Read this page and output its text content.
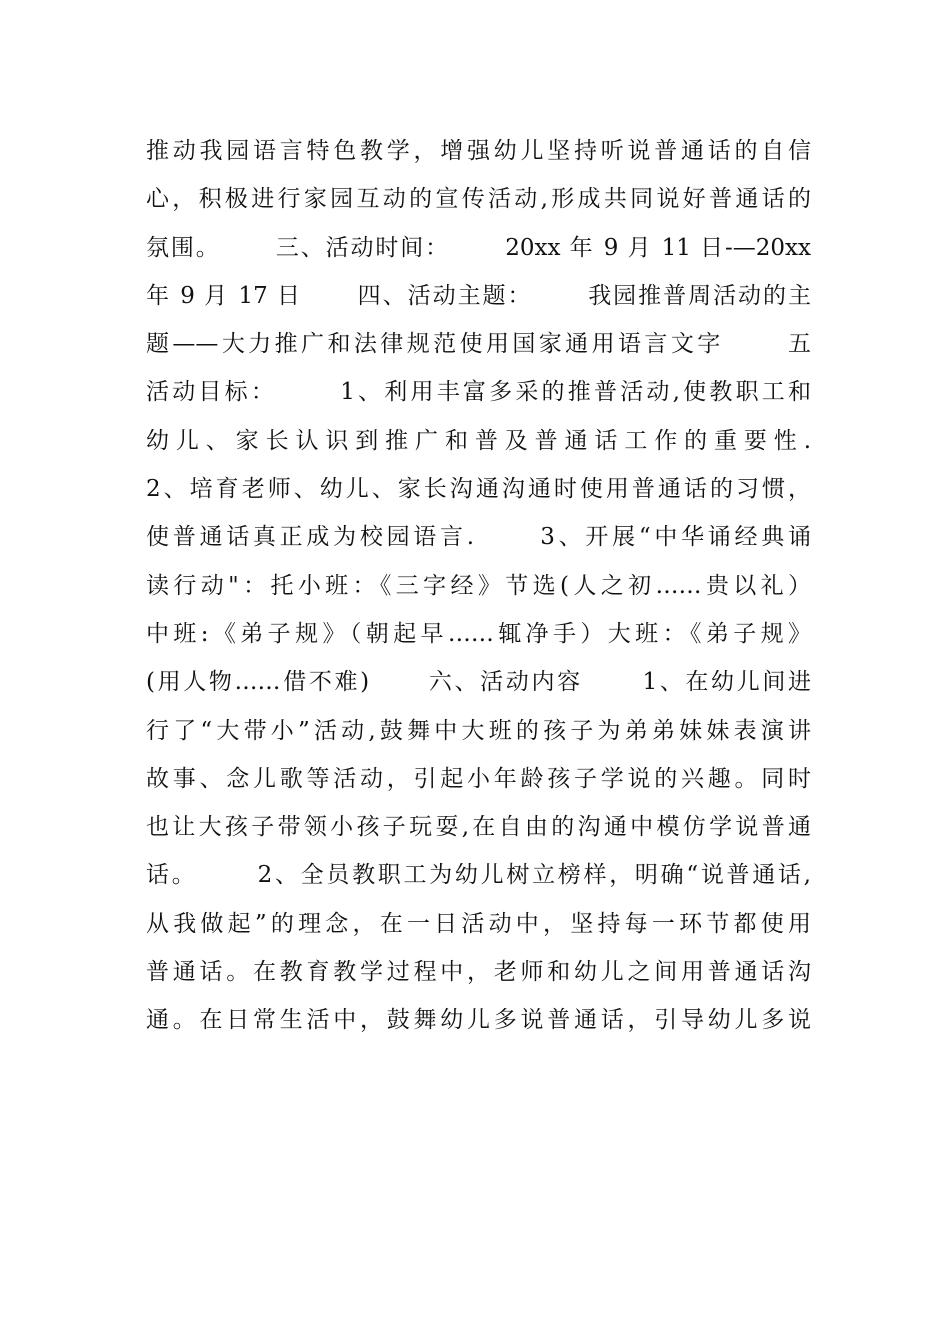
推动我园语言特色教学，增强幼儿坚持听说普通话的自信
心，积极进行家园互动的宣传活动,形成共同说好普通话的
氛围。      三、活动时间：      20xx 年 9 月 11 日-—20xx
年 9 月 17 日      四、活动主题：      我园推普周活动的主
题——大力推广和法律规范使用国家通用语言文字      五
活动目标：      1、利用丰富多采的推普活动,使教职工和
幼儿、家长认识到推广和普及普通话工作的重要性.
2、培育老师、幼儿、家长沟通沟通时使用普通话的习惯，
使普通话真正成为校园语言.      3、开展“中华诵经典诵
读行动"：托小班：《三字经》节选(人之初……贵以礼）
中班:《弟子规》（朝起早……辄净手）大班：《弟子规》
(用人物……借不难)      六、活动内容      1、在幼儿间进
行了“大带小”活动,鼓舞中大班的孩子为弟弟妹妹表演讲
故事、念儿歌等活动，引起小年龄孩子学说的兴趣。同时
也让大孩子带领小孩子玩耍,在自由的沟通中模仿学说普通
话。      2、全员教职工为幼儿树立榜样，明确“说普通话,
从我做起”的理念，在一日活动中，坚持每一环节都使用
普通话。在教育教学过程中，老师和幼儿之间用普通话沟
通。在日常生活中，鼓舞幼儿多说普通话，引导幼儿多说
